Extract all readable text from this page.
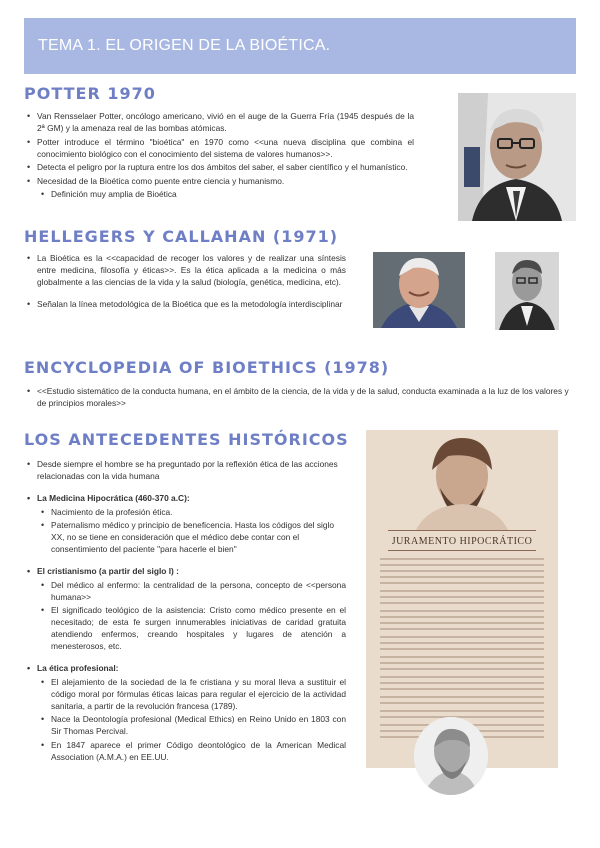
TEMA 1. EL ORIGEN DE LA BIOÉTICA.
POTTER 1970
• Van Rensselaer Potter, oncólogo americano, vivió en el auge de la Guerra Fría (1945 después de la 2ª GM) y la amenaza real de las bombas atómicas.
• Potter introduce el término "bioética" en 1970 como <<una nueva disciplina que combina el conocimiento biológico con el conocimiento del sistema de valores humanos>>.
• Detecta el peligro por la ruptura entre los dos ámbitos del saber, el saber científico y el humanístico.
• Necesidad de la Bioética como puente entre ciencia y humanismo.
• Definición muy amplia de Bioética
HELLEGERS Y CALLAHAN (1971)
• La Bioética es la <<capacidad de recoger los valores y de realizar una síntesis entre medicina, filosofía y éticas>>. Es la ética aplicada a la medicina o más globalmente a las ciencias de la vida y la salud (biología, genética, medicina, etc).
• Señalan la línea metodológica de la Bioética que es la metodología interdisciplinar
ENCYCLOPEDIA OF BIOETHICS (1978)
• <<Estudio sistemático de la conducta humana, en el ámbito de la ciencia, de la vida y de la salud, conducta examinada a la luz de los valores y de principios morales>>
LOS ANTECEDENTES HISTÓRICOS
• Desde siempre el hombre se ha preguntado por la reflexión ética de las acciones relacionadas con la vida humana
• La Medicina Hipocrática (460-370 a.C):
• Nacimiento de la profesión ética.
• Paternalismo médico y principio de beneficencia. Hasta los códigos del siglo XX, no se tiene en consideración que el médico debe contar con el consentimiento del paciente "para hacerle el bien"
• El cristianismo (a partir del siglo I) :
• Del médico al enfermo: la centralidad de la persona, concepto de <<persona humana>>
• El significado teológico de la asistencia: Cristo como médico presente en el necesitado; de esta fe surgen innumerables iniciativas de caridad gratuita atendiendo enfermos, creando hospitales y lugares de atención a menesterosos, etc.
• La ética profesional:
• El alejamiento de la sociedad de la fe cristiana y su moral lleva a sustituir el código moral por fórmulas éticas laicas para regular el ejercicio de la actividad sanitaria, a partir de la revolución francesa (1789).
• Nace la Deontología profesional (Medical Ethics) en Reino Unido en 1803 con Sir Thomas Percival.
• En 1847 aparece el primer Código deontológico de la American Medical Association (A.M.A.) en EE.UU.
JURAMENTO HIPOCRÁTICO
